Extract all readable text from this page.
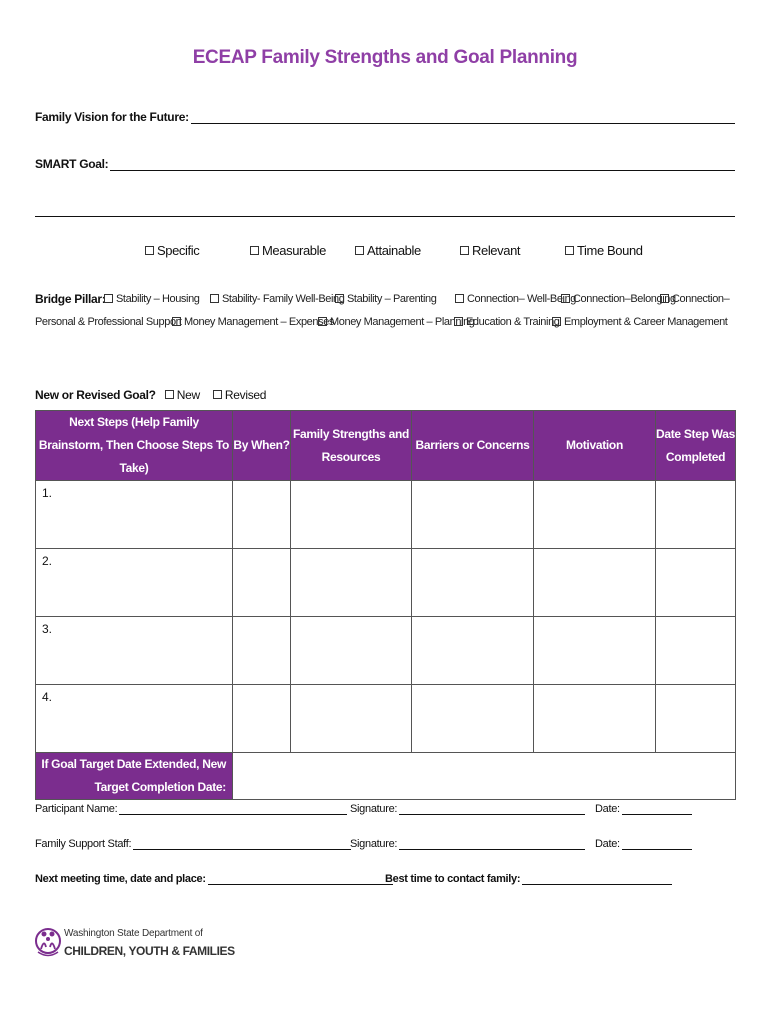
ECEAP Family Strengths and Goal Planning
Family Vision for the Future:
SMART Goal:
Specific	Measurable	Attainable	Relevant	Time Bound
Bridge Pillar: Stability – Housing	Stability- Family Well-Being Stability – Parenting	Connection– Well-Being
Connection–Belonging
Connection–
Personal & Professional Support Money Management – Expenses
Money Management – Planning
Education & Training Employment & Career Management
New or Revised Goal? New Revised
Next Steps (Help Family Brainstorm, Then Choose Steps To Take)	By When?	Family Strengths and Resources	Barriers or Concerns	Motivation	Date Step Was Completed

1.					

2.					

3.					

4.					

If Goal Target Date Extended, New Target Completion Date:					
Participant Name:	Signature:	Date:
Family Support Staff:	Signature:	Date:
Next meeting time, date and place:	Best time to contact family:
Washington State Department of
CHILDREN, YOUTH & FAMILIES
